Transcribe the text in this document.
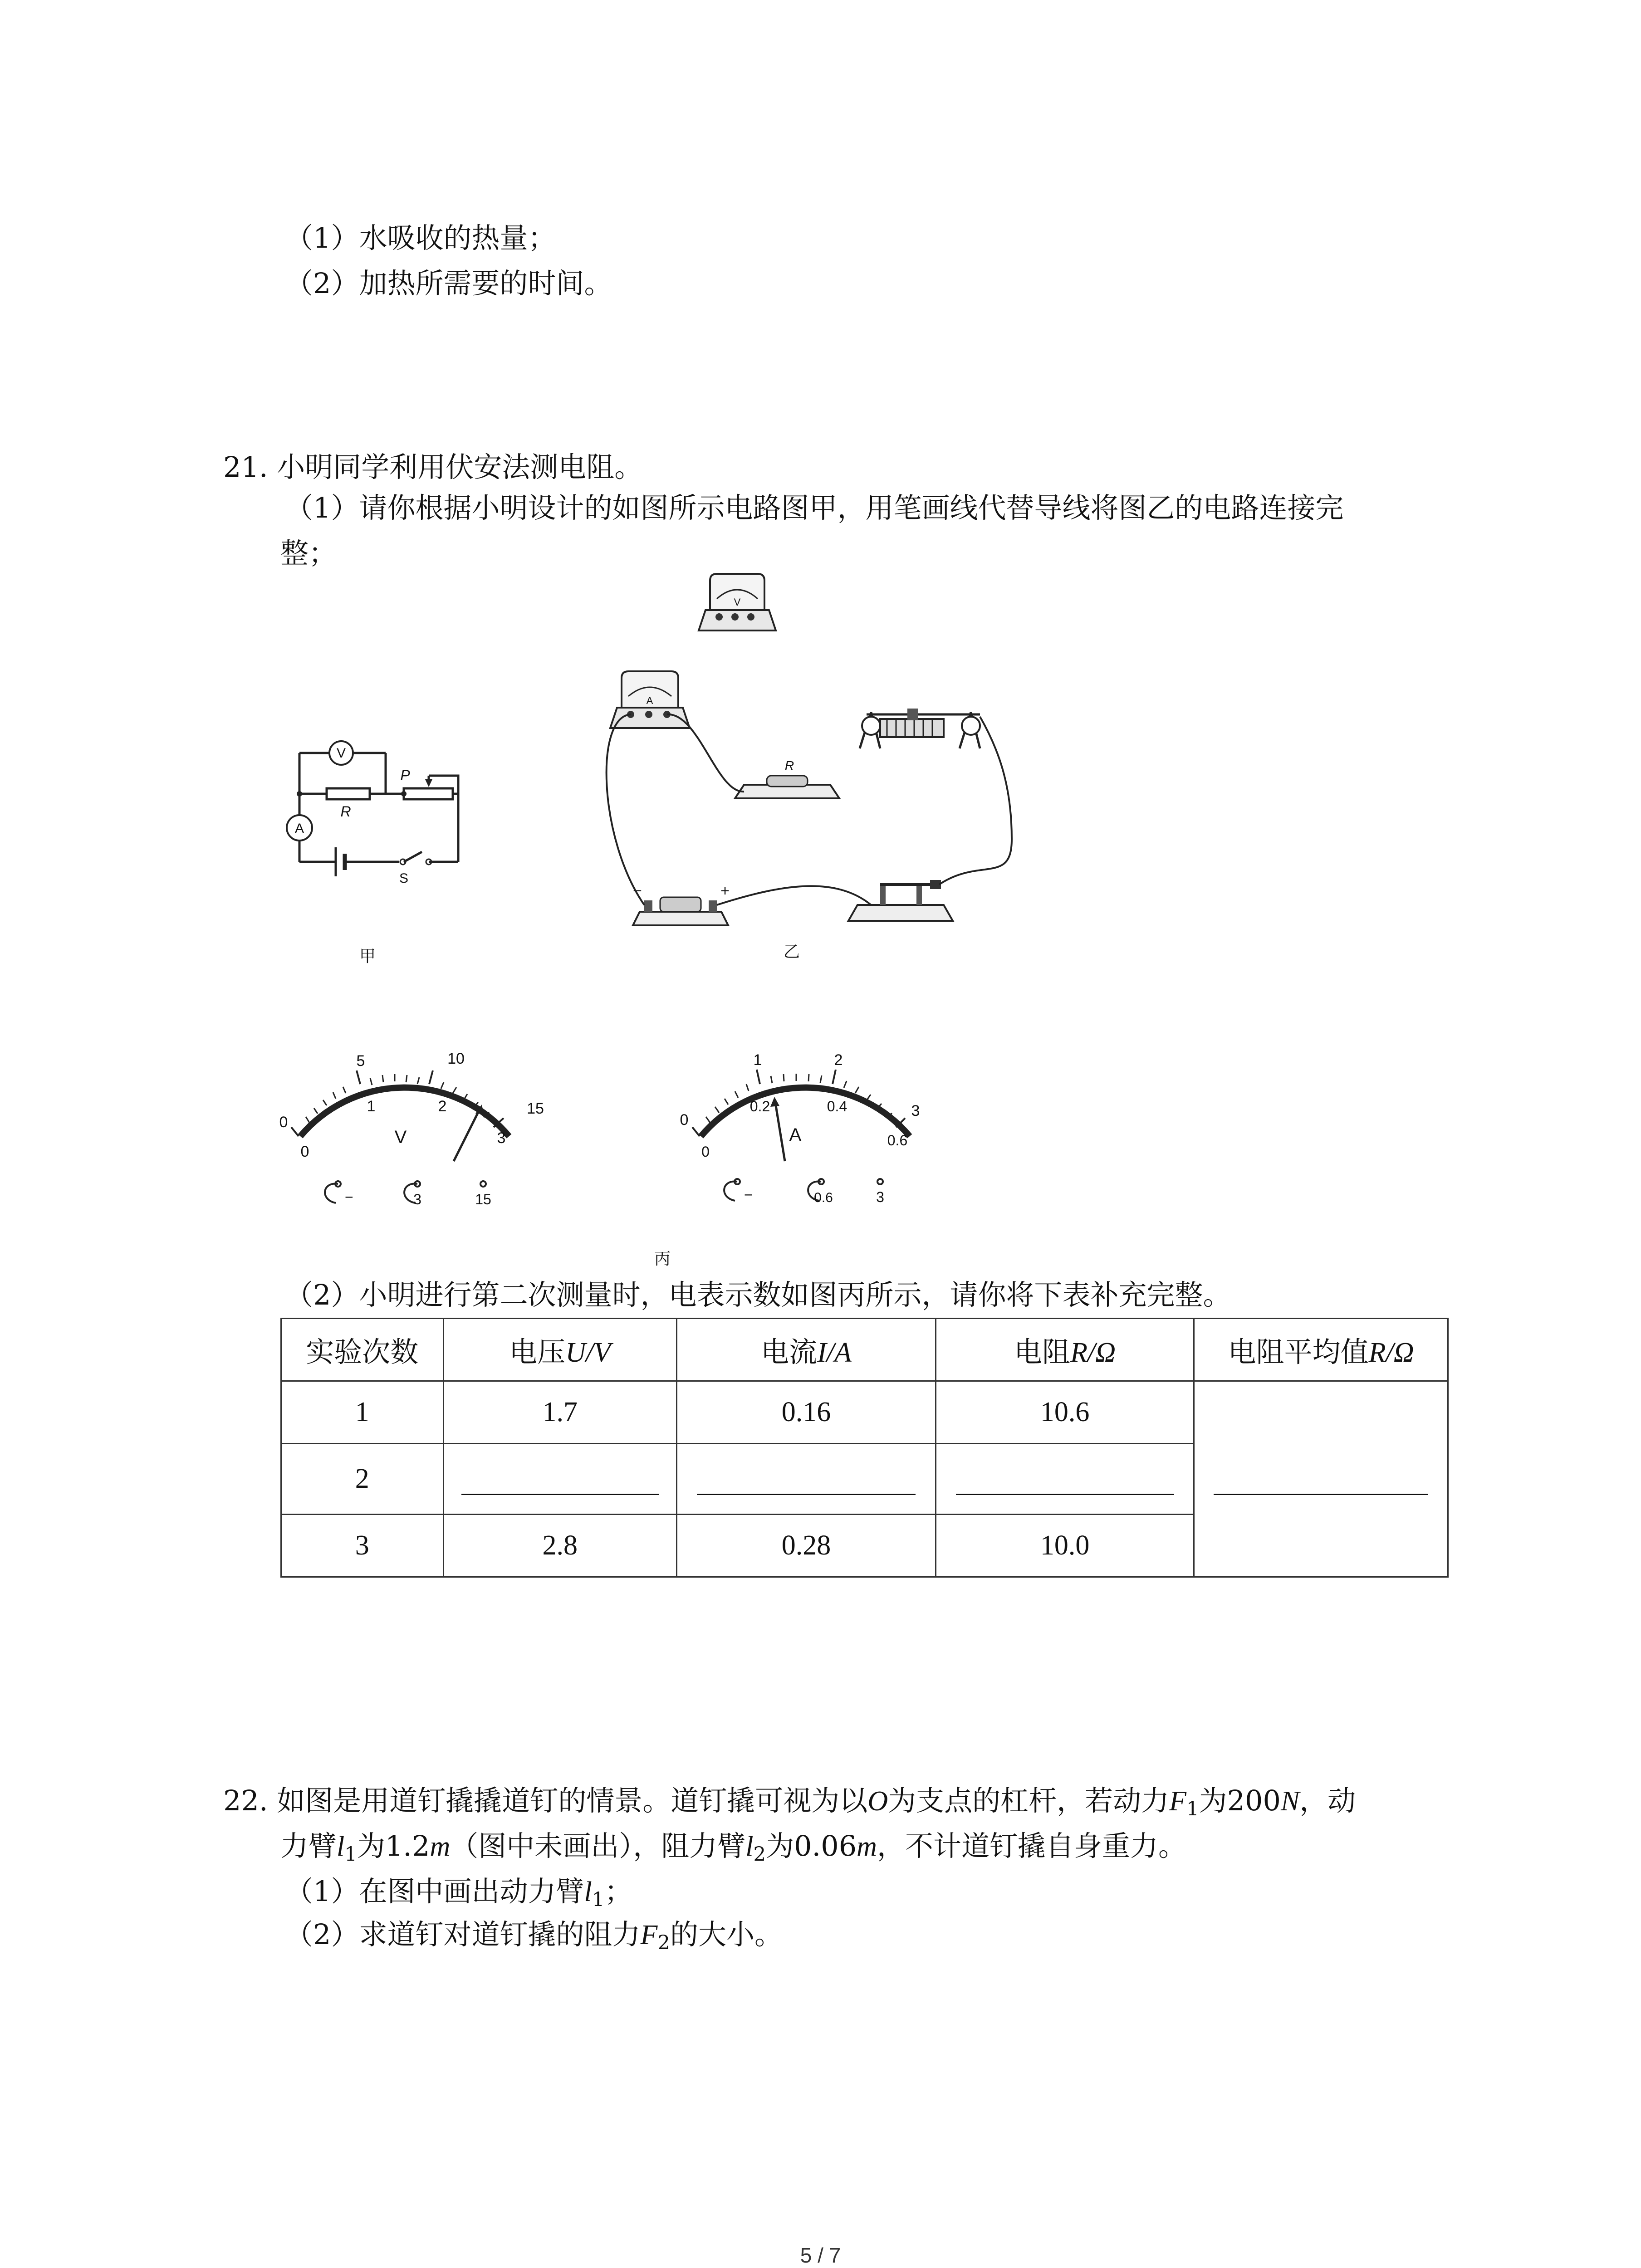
（1）水吸收的热量；
（2）加热所需要的时间。
21. 小明同学利用伏安法测电阻。
（1）请你根据小明设计的如图所示电路图甲，用笔画线代替导线将图乙的电路连接完
整；
V
A
R
P
S
甲
V
A
R
−	+
乙
0
5	10
15
0
1	2
3
V
−	3	15
0
1	2
3
0
0.2	0.4
0.6
A
−	0.6	3
丙
（2）小明进行第二次测量时，电表示数如图丙所示，请你将下表补充完整。
实验次数	电压U/V	电流I/A	电阻R/Ω	电阻平均值R/Ω
1	1.7	0.16	10.6	
2				
3	2.8	0.28	10.0	
22. 如图是用道钉撬撬道钉的情景。道钉撬可视为以O为支点的杠杆，若动力$F_1$为200N，动
力臂$l_1$为1.2m（图中未画出），阻力臂$l_2$为0.06m，不计道钉撬自身重力。
（1）在图中画出动力臂$l_1$；
（2）求道钉对道钉撬的阻力$F_2$的大小。
5 / 7
